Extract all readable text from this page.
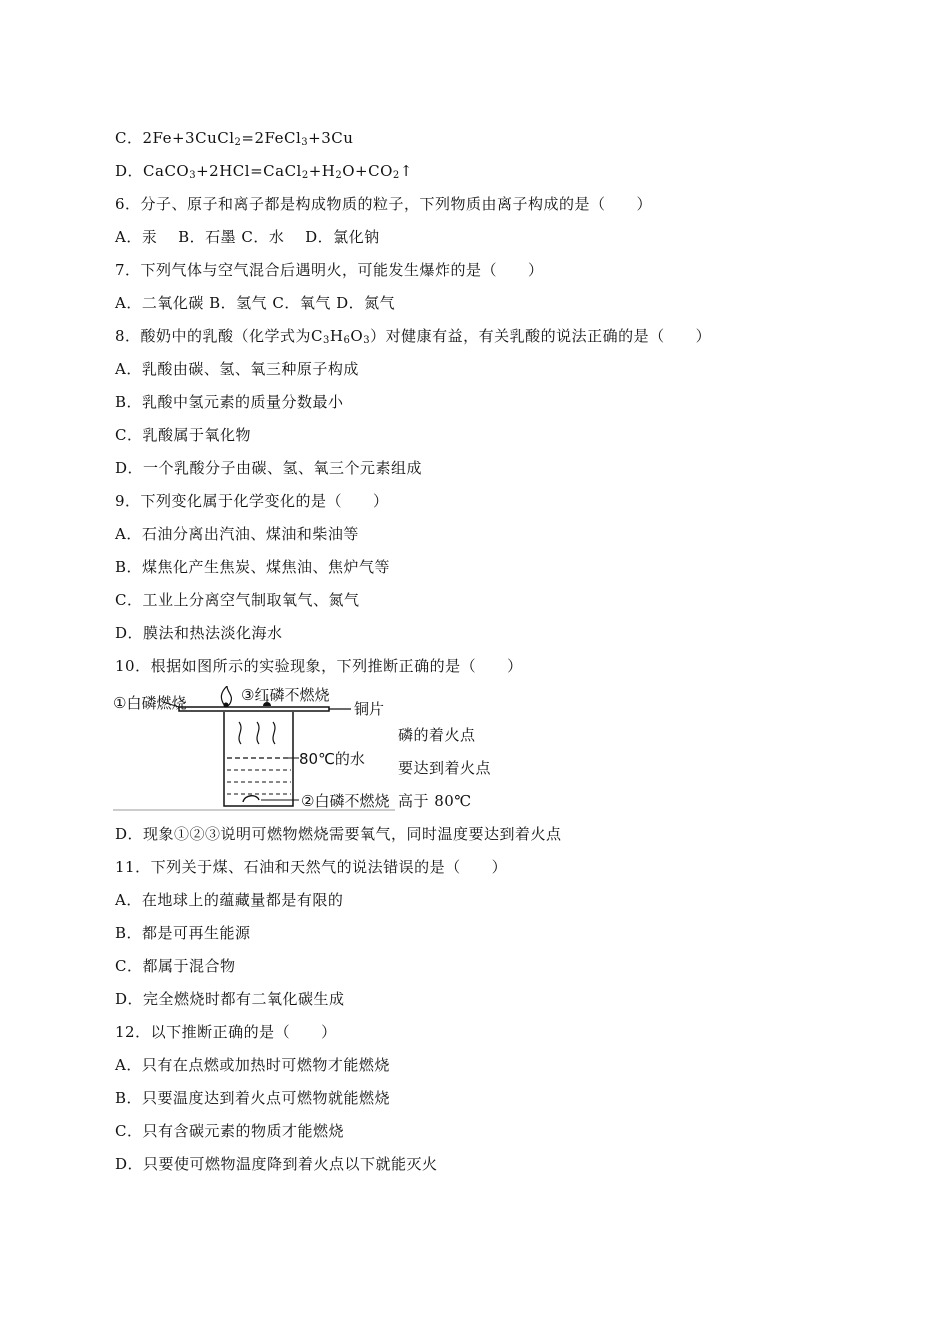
C．2Fe+3CuCl$_2$=2FeCl$_3$+3Cu
D．$CaCO_3+2HCl=CaCl_2+H_2O+CO_2↑$
6．分子、原子和离子都是构成物质的粒子，下列物质由离子构成的是（　　）
A．汞　 B．石墨 C．水　 D．氯化钠
7．下列气体与空气混合后遇明火，可能发生爆炸的是（　　）
A．二氧化碳 B．氢气 C．氧气 D．氮气
8．酸奶中的乳酸（化学式为$C_3H_6O_3$）对健康有益，有关乳酸的说法正确的是（　　）
A．乳酸由碳、氢、氧三种原子构成
B．乳酸中氢元素的质量分数最小
C．乳酸属于氧化物
D．一个乳酸分子由碳、氢、氧三个元素组成
9．下列变化属于化学变化的是（　　）
A．石油分离出汽油、煤油和柴油等
B．煤焦化产生焦炭、煤焦油、焦炉气等
C．工业上分离空气制取氧气、氮气
D．膜法和热法淡化海水
10．根据如图所示的实验现象，下列推断正确的是（　　）
D．现象①②③说明可燃物燃烧需要氧气，同时温度要达到着火点
11．下列关于煤、石油和天然气的说法错误的是（　　）
A．在地球上的蕴藏量都是有限的
B．都是可再生能源
C．都属于混合物
D．完全燃烧时都有二氧化碳生成
12．以下推断正确的是（　　）
A．只有在点燃或加热时可燃物才能燃烧
B．只要温度达到着火点可燃物就能燃烧
C．只有含碳元素的物质才能燃烧
D．只要使可燃物温度降到着火点以下就能灭火
磷的着火点
要达到着火点
高于 80℃
①白磷燃烧	③红磷不燃烧
铜片
80℃的水
②白磷不燃烧
